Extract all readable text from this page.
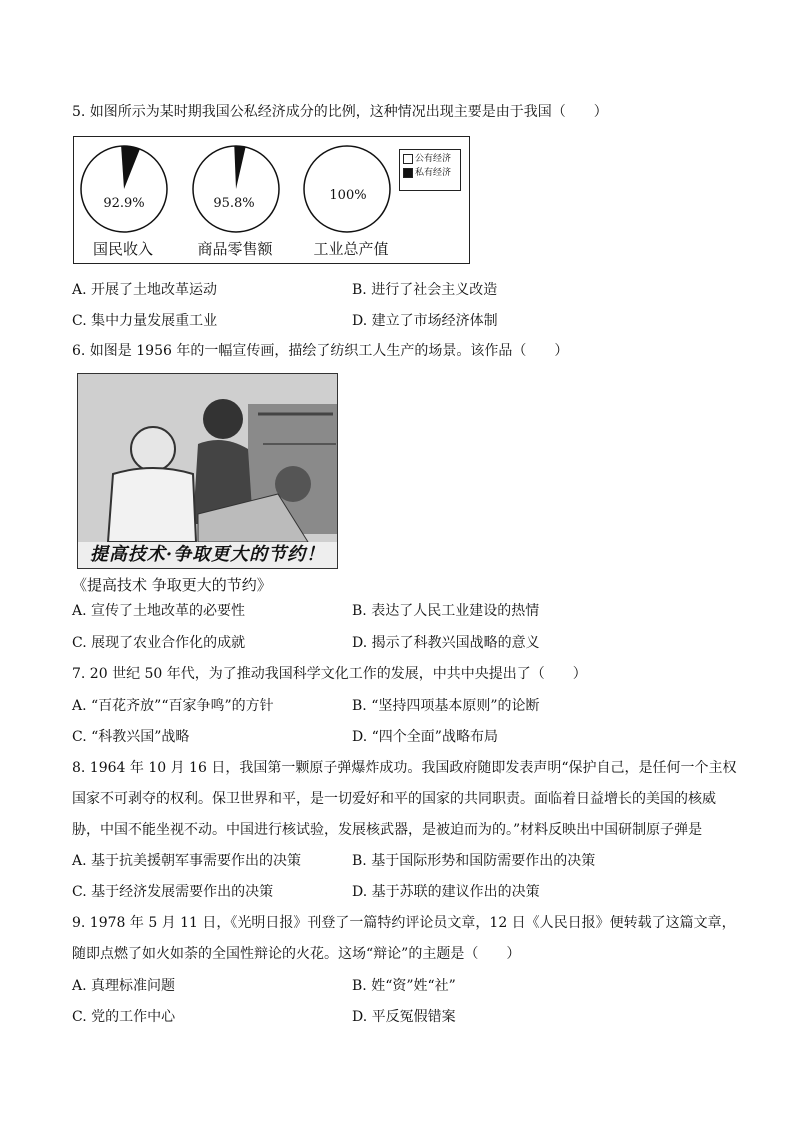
5. 如图所示为某时期我国公私经济成分的比例，这种情况出现主要是由于我国（　　）
公有经济
私有经济
92.9%	95.8%
100%
国民收入	商品零售额	工业总产值
A. 开展了土地改革运动	B. 进行了社会主义改造
C. 集中力量发展重工业	D. 建立了市场经济体制
6. 如图是 1956 年的一幅宣传画，描绘了纺织工人生产的场景。该作品（　　）
提高技术·争取更大的节约！
《提高技术 争取更大的节约》
A. 宣传了土地改革的必要性	B. 表达了人民工业建设的热情
C. 展现了农业合作化的成就	D. 揭示了科教兴国战略的意义
7. 20 世纪 50 年代，为了推动我国科学文化工作的发展，中共中央提出了（　　）
A. “百花齐放”“百家争鸣”的方针	B. “坚持四项基本原则”的论断
C. “科教兴国”战略	D. “四个全面”战略布局
8. 1964 年 10 月 16 日，我国第一颗原子弹爆炸成功。我国政府随即发表声明“保护自己，是任何一个主权
国家不可剥夺的权利。保卫世界和平，是一切爱好和平的国家的共同职责。面临着日益增长的美国的核威
胁，中国不能坐视不动。中国进行核试验，发展核武器，是被迫而为的。”材料反映出中国研制原子弹是
A. 基于抗美援朝军事需要作出的决策	B. 基于国际形势和国防需要作出的决策
C. 基于经济发展需要作出的决策	D. 基于苏联的建议作出的决策
9. 1978 年 5 月 11 日，《光明日报》刊登了一篇特约评论员文章，12 日《人民日报》便转载了这篇文章，
随即点燃了如火如荼的全国性辩论的火花。这场“辩论”的主题是（　　）
A. 真理标准问题	B. 姓“资”姓“社”
C. 党的工作中心	D. 平反冤假错案
